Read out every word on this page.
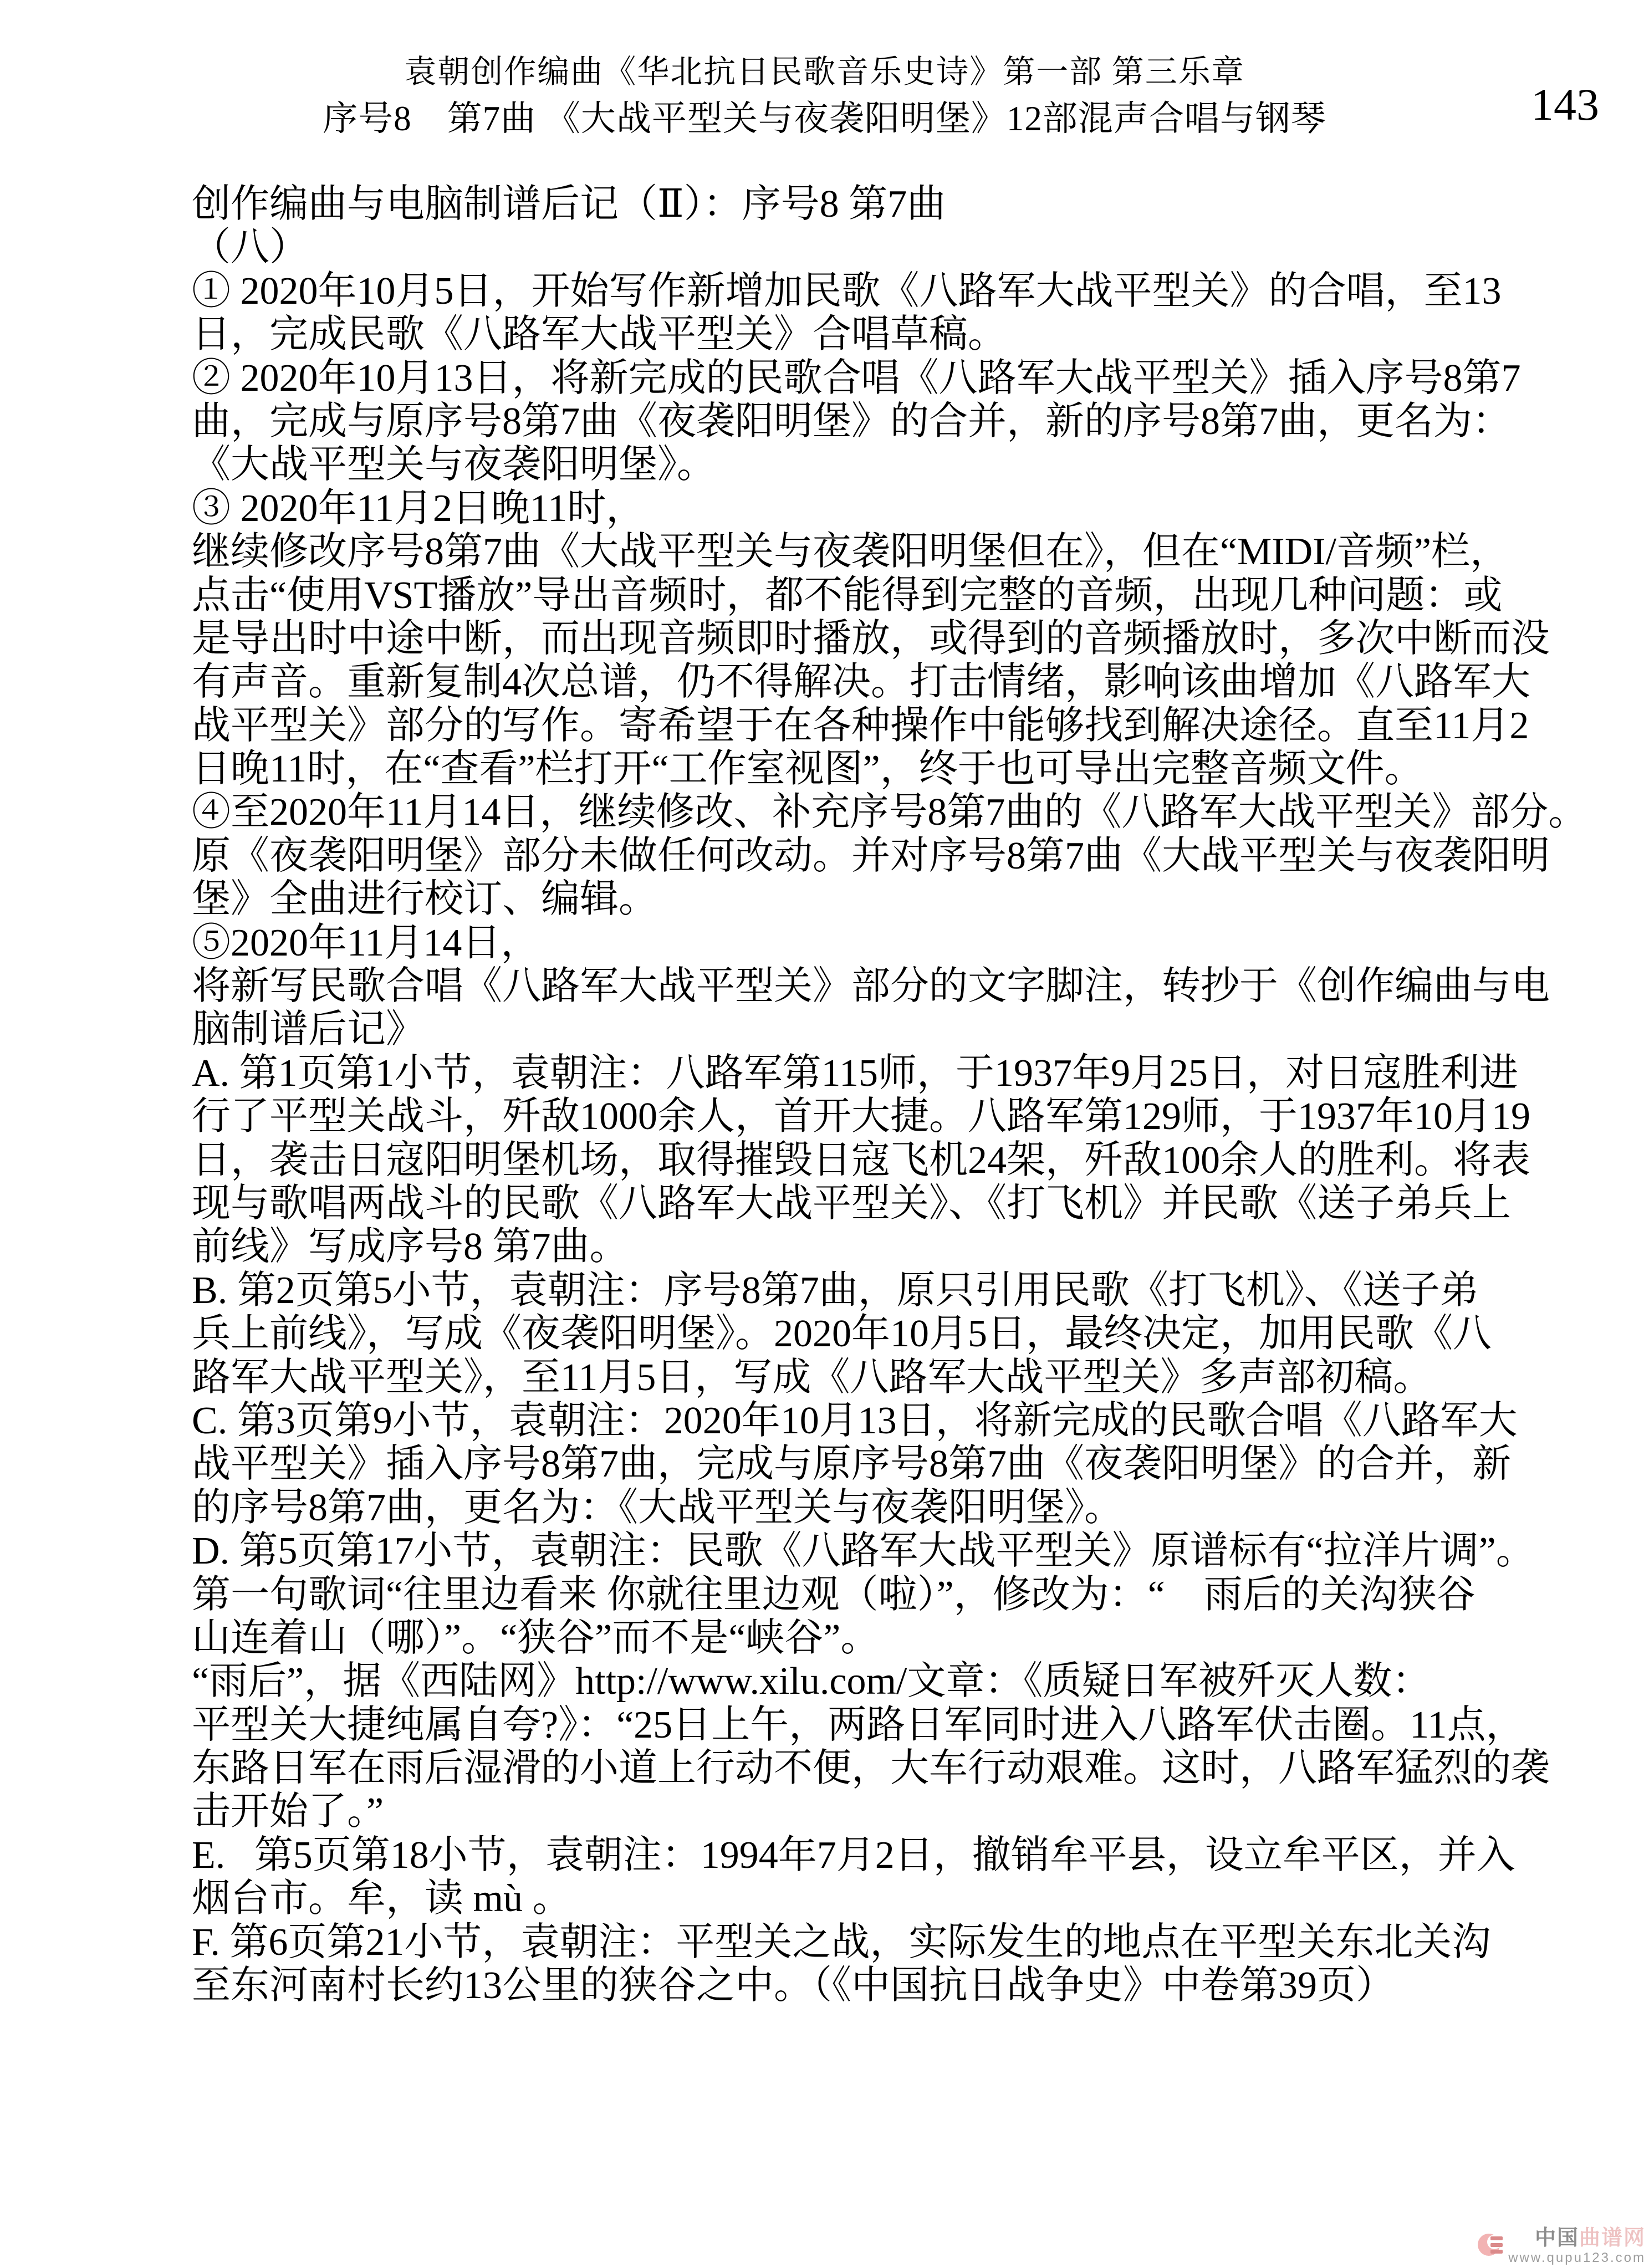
袁朝创作编曲《华北抗日民歌音乐史诗》第一部 第三乐章
序号8　第7曲 《大战平型关与夜袭阳明堡》12部混声合唱与钢琴	143
创作编曲与电脑制谱后记（Ⅱ）：序号8 第7曲
（八）
① 2020年10月5日，开始写作新增加民歌《八路军大战平型关》的合唱，至13
日，完成民歌《八路军大战平型关》合唱草稿。
② 2020年10月13日，将新完成的民歌合唱《八路军大战平型关》插入序号8第7
曲，完成与原序号8第7曲《夜袭阳明堡》的合并，新的序号8第7曲，更名为：
《大战平型关与夜袭阳明堡》。
③ 2020年11月2日晚11时，
继续修改序号8第7曲《大战平型关与夜袭阳明堡但在》，但在“MIDI/音频”栏，
点击“使用VST播放”导出音频时，都不能得到完整的音频，出现几种问题：或
是导出时中途中断，而出现音频即时播放，或得到的音频播放时，多次中断而没
有声音。重新复制4次总谱，仍不得解决。打击情绪，影响该曲增加《八路军大
战平型关》部分的写作。寄希望于在各种操作中能够找到解决途径。直至11月2
日晚11时，在“查看”栏打开“工作室视图”，终于也可导出完整音频文件。
④至2020年11月14日，继续修改、补充序号8第7曲的《八路军大战平型关》部分。
原《夜袭阳明堡》部分未做任何改动。并对序号8第7曲《大战平型关与夜袭阳明
堡》全曲进行校订、编辑。
⑤2020年11月14日，
将新写民歌合唱《八路军大战平型关》部分的文字脚注，转抄于《创作编曲与电
脑制谱后记》
A. 第1页第1小节，袁朝注：八路军第115师，于1937年9月25日，对日寇胜利进
行了平型关战斗，歼敌1000余人，首开大捷。八路军第129师，于1937年10月19
日，袭击日寇阳明堡机场，取得摧毁日寇飞机24架，歼敌100余人的胜利。将表
现与歌唱两战斗的民歌《八路军大战平型关》、《打飞机》并民歌《送子弟兵上
前线》写成序号8 第7曲。
B. 第2页第5小节，袁朝注：序号8第7曲，原只引用民歌《打飞机》、《送子弟
兵上前线》，写成《夜袭阳明堡》。2020年10月5日，最终决定，加用民歌《八
路军大战平型关》，至11月5日，写成《八路军大战平型关》多声部初稿。
C. 第3页第9小节，袁朝注：2020年10月13日，将新完成的民歌合唱《八路军大
战平型关》插入序号8第7曲，完成与原序号8第7曲《夜袭阳明堡》的合并，新
的序号8第7曲，更名为：《大战平型关与夜袭阳明堡》。
D. 第5页第17小节，袁朝注：民歌《八路军大战平型关》原谱标有“拉洋片调”。
第一句歌词“往里边看来 你就往里边观（啦）”，修改为：“　雨后的关沟狭谷
山连着山（哪）”。“狭谷”而不是“峡谷”。
“雨后”，据《西陆网》http://www.xilu.com/文章：《质疑日军被歼灭人数：
平型关大捷纯属自夸?》：“25日上午，两路日军同时进入八路军伏击圈。11点，
东路日军在雨后湿滑的小道上行动不便，大车行动艰难。这时，八路军猛烈的袭
击开始了。”
E.   第5页第18小节，袁朝注：1994年7月2日，撤销牟平县，设立牟平区，并入
烟台市。牟，读 mù 。
F. 第6页第21小节，袁朝注：平型关之战，实际发生的地点在平型关东北关沟
至东河南村长约13公里的狭谷之中。（《中国抗日战争史》中卷第39页）
中国 曲谱网
www.qupu123.com
